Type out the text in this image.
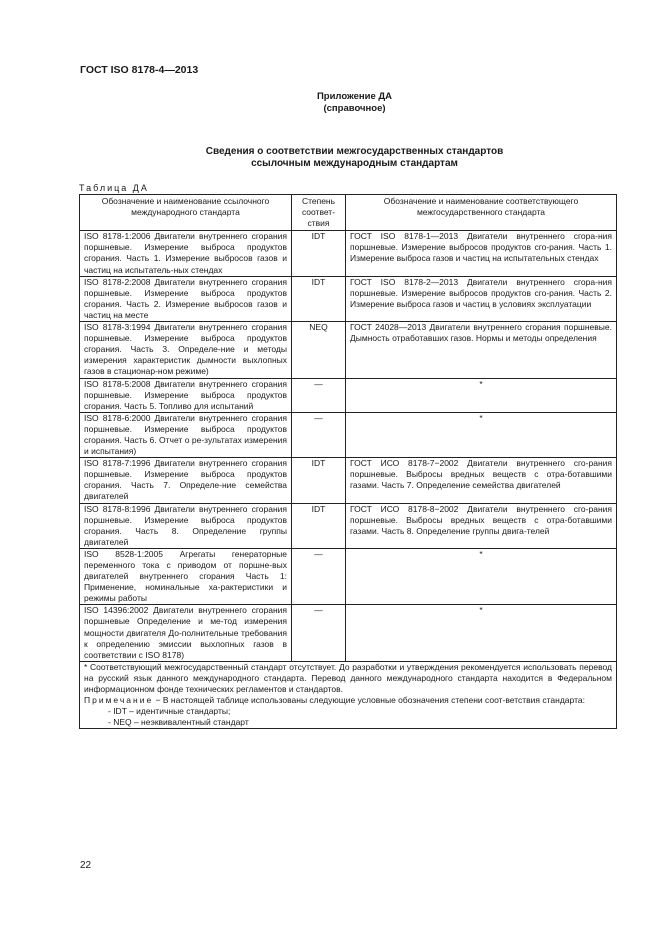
ГОСТ ISO 8178-4—2013
Приложение ДА
(справочное)
Сведения о соответствии межгосударственных стандартов
ссылочным международным стандартам
Таблица ДА
Обозначение и наименование ссылочного международного стандарта	Степень соответ-ствия	Обозначение и наименование соответствующего межгосударственного стандарта
ISO 8178-1:2006 Двигатели внутреннего сгорания поршневые. Измерение выброса продуктов сгорания. Часть 1. Измерение выбросов газов и частиц на испытатель-ных стендах	IDT	ГОСТ ISO 8178-1—2013 Двигатели внутреннего сгора-ния поршневые. Измерение выбросов продуктов сго-рания. Часть 1. Измерение выброса газов и частиц на испытательных стендах
ISO 8178-2:2008 Двигатели внутреннего сгорания поршневые. Измерение выброса продуктов сгорания. Часть 2. Измерение выбросов газов и частиц на месте	IDT	ГОСТ ISO 8178-2—2013 Двигатели внутреннего сгора-ния поршневые. Измерение выбросов продуктов сго-рания. Часть 2. Измерение выброса газов и частиц в условиях эксплуатации
ISO 8178-3:1994 Двигатели внутреннего сгорания поршневые. Измерение выброса продуктов сгорания. Часть 3. Определе-ние и методы измерения характеристик дымности выхлопных газов в стационар-ном режиме)	NEQ	ГОСТ 24028—2013 Двигатели внутреннего сгорания поршневые. Дымность отработавших газов. Нормы и методы определения
ISO 8178-5:2008 Двигатели внутреннего сгорания поршневые. Измерение выброса продуктов сгорания. Часть 5. Топливо для испытаний	—	*
ISO 8178-6:2000 Двигатели внутреннего сгорания поршневые. Измерение выброса продуктов сгорания. Часть 6. Отчет о ре-зультатах измерения и испытания)	—	*
ISO 8178-7:1996 Двигатели внутреннего сгорания поршневые. Измерение выброса продуктов сгорания. Часть 7. Определе-ние семейства двигателей	IDT	ГОСТ ИСО 8178-7−2002 Двигатели внутреннего сго-рания поршневые. Выбросы вредных веществ с отра-ботавшими газами. Часть 7. Определение семейства двигателей
ISO 8178-8:1996 Двигатели внутреннего сгорания поршневые. Измерение выброса продуктов сгорания. Часть 8. Определение группы двигателей	IDT	ГОСТ ИСО 8178-8−2002 Двигатели внутреннего сго-рания поршневые. Выбросы вредных веществ с отра-ботавшими газами. Часть 8. Определение группы двига-телей
ISO 8528-1:2005 Агрегаты генераторные переменного тока с приводом от поршне-вых двигателей внутреннего сгорания Часть 1: Применение, номинальные ха-рактеристики и режимы работы	—	*
ISO 14396:2002 Двигатели внутреннего сгорания поршневые Определение и ме-тод измерения мощности двигателя До-полнительные требования к определению эмиссии выхлопных газов в соответствии с ISO 8178)	—	*

* Соответствующий межгосударственный стандарт отсутствует. До разработки и утверждения рекомендуется использовать перевод на русский язык данного международного стандарта. Перевод данного международного стандарта находится в Федеральном информационном фонде технических регламентов и стандартов.

Примечание − В настоящей таблице использованы следующие условные обозначения степени соот-ветствия стандарта:

- IDT – идентичные стандарты;
- NEQ – неэквивалентный стандарт		
22
